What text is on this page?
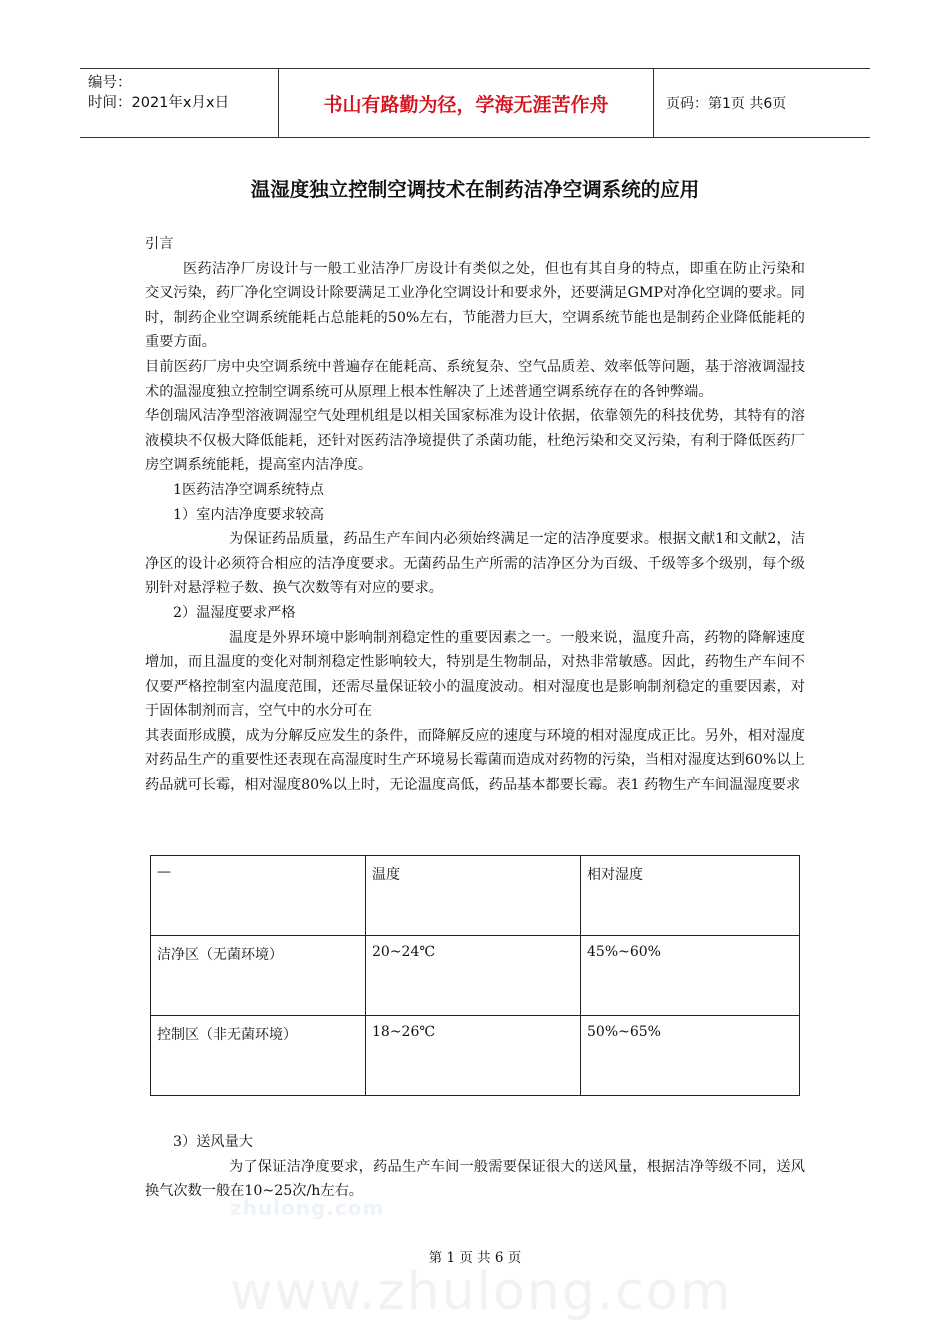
编号：
时间：2021年x月x日	书山有路勤为径，学海无涯苦作舟	页码：第1页 共6页
温湿度独立控制空调技术在制药洁净空调系统的应用

引言

医药洁净厂房设计与一般工业洁净厂房设计有类似之处，但也有其自身的特点，即重在防止污染和交叉污染，药厂净化空调设计除要满足工业净化空调设计和要求外，还要满足GMP对净化空调的要求。同时，制药企业空调系统能耗占总能耗的50%左右，节能潜力巨大，空调系统节能也是制药企业降低能耗的重要方面。

目前医药厂房中央空调系统中普遍存在能耗高、系统复杂、空气品质差、效率低等问题，基于溶液调湿技术的温湿度独立控制空调系统可从原理上根本性解决了上述普通空调系统存在的各钟弊端。

华创瑞风洁净型溶液调湿空气处理机组是以相关国家标准为设计依据，依靠领先的科技优势，其特有的溶液模块不仅极大降低能耗，还针对医药洁净境提供了杀菌功能，杜绝污染和交叉污染，有利于降低医药厂房空调系统能耗，提高室内洁净度。

1医药洁净空调系统特点

1）室内洁净度要求较高

为保证药品质量，药品生产车间内必须始终满足一定的洁净度要求。根据文献1和文献2，洁净区的设计必须符合相应的洁净度要求。无菌药品生产所需的洁净区分为百级、千级等多个级别，每个级别针对悬浮粒子数、换气次数等有对应的要求。

2）温湿度要求严格

温度是外界环境中影响制剂稳定性的重要因素之一。一般来说，温度升高，药物的降解速度增加，而且温度的变化对制剂稳定性影响较大，特别是生物制品，对热非常敏感。因此，药物生产车间不仅要严格控制室内温度范围，还需尽量保证较小的温度波动。相对湿度也是影响制剂稳定的重要因素，对于固体制剂而言，空气中的水分可在

其表面形成膜，成为分解反应发生的条件，而降解反应的速度与环境的相对湿度成正比。另外，相对湿度对药品生产的重要性还表现在高湿度时生产环境易长霉菌而造成对药物的污染，当相对湿度达到60%以上药品就可长霉，相对湿度80%以上时，无论温度高低，药品基本都要长霉。表1 药物生产车间温湿度要求

—	温度	相对湿度
洁净区（无菌环境）	20~24℃	45%~60%
控制区（非无菌环境）	18~26℃	50%~65%

3）送风量大

为了保证洁净度要求，药品生产车间一般需要保证很大的送风量，根据洁净等级不同，送风换气次数一般在10~25次/h左右。

zhulong.com
www.zhulong.com
第 1 页 共 6 页
